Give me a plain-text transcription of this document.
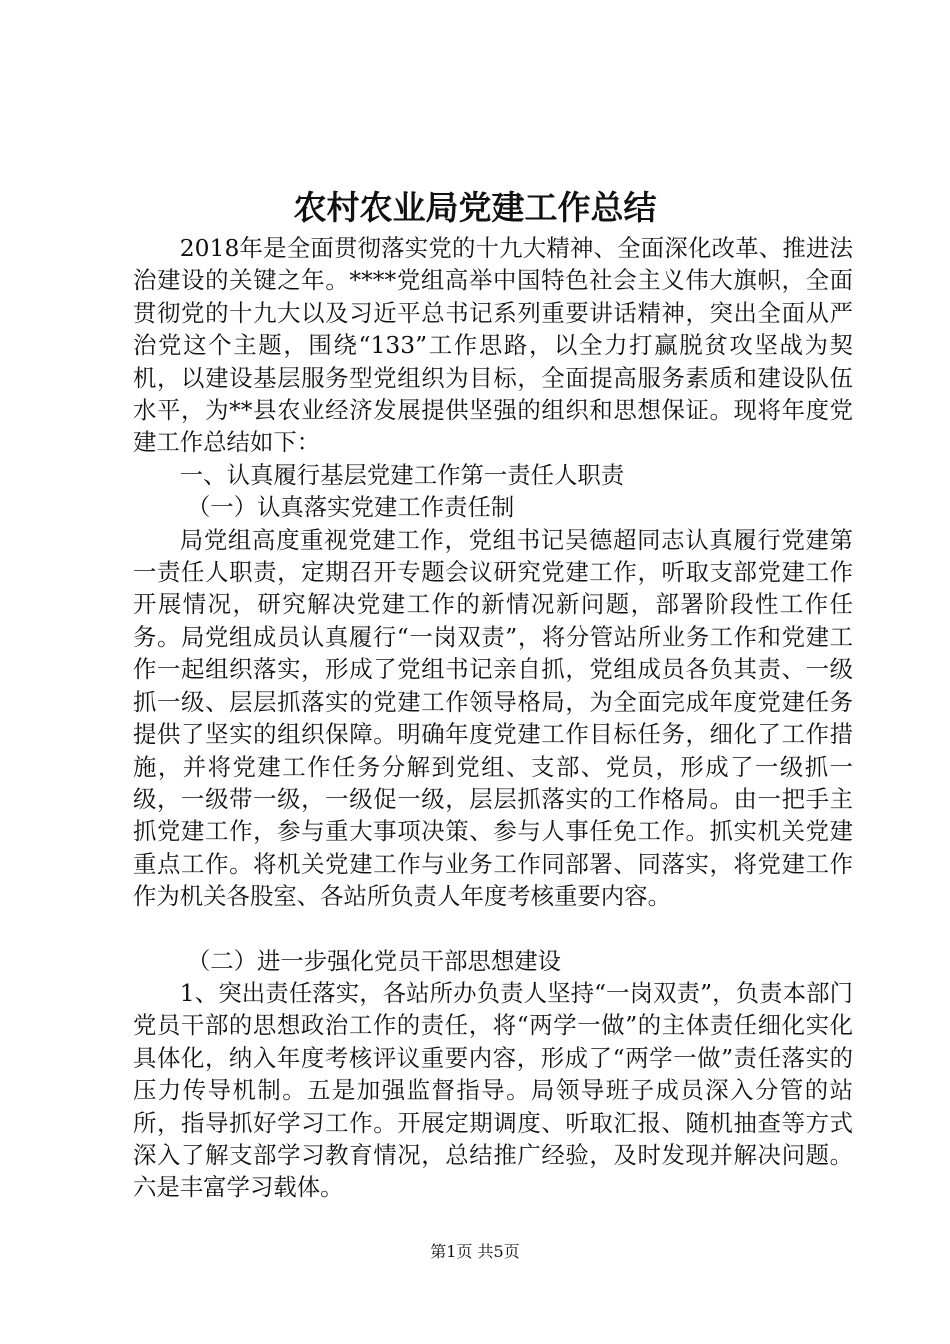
农村农业局党建工作总结

2018年是全面贯彻落实党的十九大精神、全面深化改革、推进法治建设的关键之年。****党组高举中国特色社会主义伟大旗帜，全面贯彻党的十九大以及习近平总书记系列重要讲话精神，突出全面从严治党这个主题，围绕“133”工作思路，以全力打赢脱贫攻坚战为契机，以建设基层服务型党组织为目标，全面提高服务素质和建设队伍水平，为**县农业经济发展提供坚强的组织和思想保证。现将年度党建工作总结如下：

一、认真履行基层党建工作第一责任人职责

（一）认真落实党建工作责任制

局党组高度重视党建工作，党组书记吴德超同志认真履行党建第一责任人职责，定期召开专题会议研究党建工作，听取支部党建工作开展情况，研究解决党建工作的新情况新问题，部署阶段性工作任务。局党组成员认真履行“一岗双责”，将分管站所业务工作和党建工作一起组织落实，形成了党组书记亲自抓，党组成员各负其责、一级抓一级、层层抓落实的党建工作领导格局，为全面完成年度党建任务提供了坚实的组织保障。明确年度党建工作目标任务，细化了工作措施，并将党建工作任务分解到党组、支部、党员，形成了一级抓一级，一级带一级，一级促一级，层层抓落实的工作格局。由一把手主抓党建工作，参与重大事项决策、参与人事任免工作。抓实机关党建重点工作。将机关党建工作与业务工作同部署、同落实，将党建工作作为机关各股室、各站所负责人年度考核重要内容。

（二）进一步强化党员干部思想建设

1、突出责任落实，各站所办负责人坚持“一岗双责”，负责本部门党员干部的思想政治工作的责任，将“两学一做”的主体责任细化实化具体化，纳入年度考核评议重要内容，形成了“两学一做”责任落实的压力传导机制。五是加强监督指导。局领导班子成员深入分管的站所，指导抓好学习工作。开展定期调度、听取汇报、随机抽查等方式深入了解支部学习教育情况，总结推广经验，及时发现并解决问题。六是丰富学习载体。

第1页 共5页
